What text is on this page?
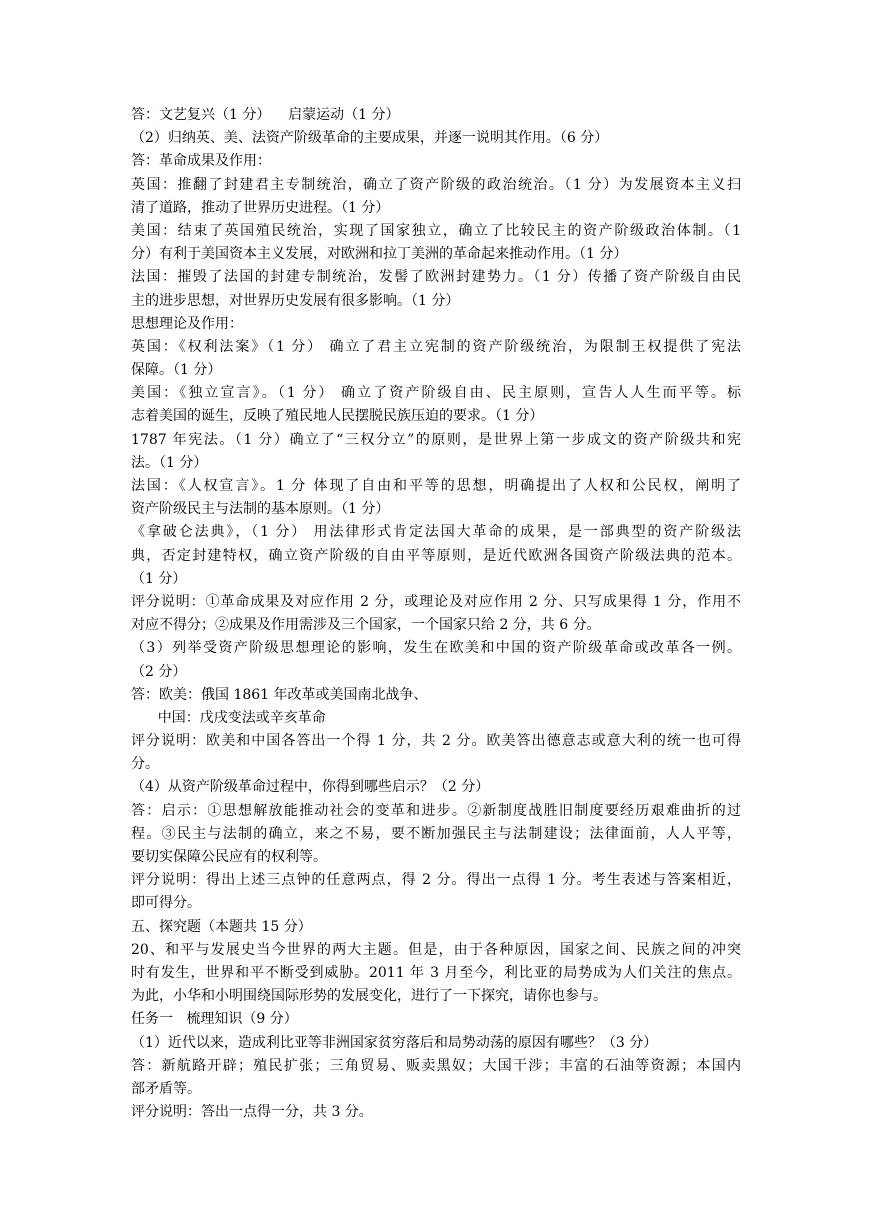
答：文艺复兴（1 分）    启蒙运动（1 分）
（2）归纳英、美、法资产阶级革命的主要成果，并逐一说明其作用。（6 分）
答：革命成果及作用：
英国：推翻了封建君主专制统治，确立了资产阶级的政治统治。（1 分）为发展资本主义扫
清了道路，推动了世界历史进程。（1 分）
美国：结束了英国殖民统治，实现了国家独立，确立了比较民主的资产阶级政治体制。（1
分）有利于美国资本主义发展，对欧洲和拉丁美洲的革命起来推动作用。（1 分）
法国：摧毁了法国的封建专制统治，发髻了欧洲封建势力。（1 分）传播了资产阶级自由民
主的进步思想，对世界历史发展有很多影响。（1 分）
思想理论及作用：
英国：《权利法案》（1 分） 确立了君主立宪制的资产阶级统治，为限制王权提供了宪法
保障。（1 分）
美国：《独立宣言》。（1 分） 确立了资产阶级自由、民主原则，宣告人人生而平等。标
志着美国的诞生，反映了殖民地人民摆脱民族压迫的要求。（1 分）
1787 年宪法。（1 分）确立了“三权分立”的原则，是世界上第一步成文的资产阶级共和宪
法。（1 分）
法国：《人权宣言》。1 分 体现了自由和平等的思想，明确提出了人权和公民权，阐明了
资产阶级民主与法制的基本原则。（1 分）
《拿破仑法典》，（1 分） 用法律形式肯定法国大革命的成果，是一部典型的资产阶级法
典，否定封建特权，确立资产阶级的自由平等原则，是近代欧洲各国资产阶级法典的范本。
（1 分）
评分说明：①革命成果及对应作用 2 分，或理论及对应作用 2 分、只写成果得 1 分，作用不
对应不得分；②成果及作用需涉及三个国家，一个国家只给 2 分，共 6 分。
（3）列举受资产阶级思想理论的影响，发生在欧美和中国的资产阶级革命或改革各一例。
（2 分）
答：欧美：俄国 1861 年改革或美国南北战争、
中国：戊戌变法或辛亥革命
评分说明：欧美和中国各答出一个得 1 分，共 2 分。欧美答出德意志或意大利的统一也可得
分。
（4）从资产阶级革命过程中，你得到哪些启示？（2 分）
答：启示：①思想解放能推动社会的变革和进步。②新制度战胜旧制度要经历艰难曲折的过
程。③民主与法制的确立，来之不易，要不断加强民主与法制建设；法律面前，人人平等，
要切实保障公民应有的权利等。
评分说明：得出上述三点钟的任意两点，得 2 分。得出一点得 1 分。考生表述与答案相近，
即可得分。
五、探究题（本题共 15 分）
20、和平与发展史当今世界的两大主题。但是，由于各种原因，国家之间、民族之间的冲突
时有发生，世界和平不断受到威胁。2011 年 3 月至今，利比亚的局势成为人们关注的焦点。
为此，小华和小明围绕国际形势的发展变化，进行了一下探究，请你也参与。
任务一   梳理知识（9 分）
（1）近代以来，造成利比亚等非洲国家贫穷落后和局势动荡的原因有哪些？（3 分）
答：新航路开辟；殖民扩张；三角贸易、贩卖黑奴；大国干涉；丰富的石油等资源；本国内
部矛盾等。
评分说明：答出一点得一分，共 3 分。
